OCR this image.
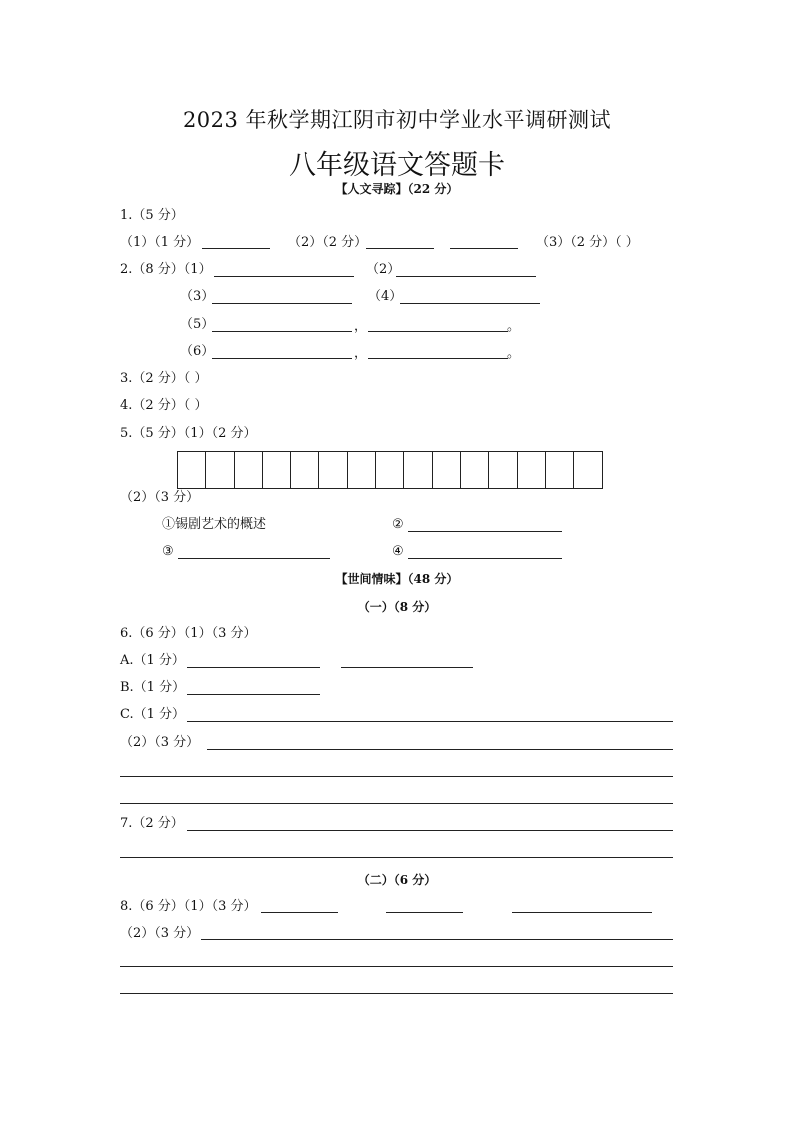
2023 年秋学期江阴市初中学业水平调研测试
八年级语文答题卡
【人文寻踪】（22 分）
1.（5 分）
（1）（1 分）	（2）（2 分）	（3）（2 分）（ ）
2.（8 分）（1）	（2）
（3）	（4）
（5）	，	。
（6）	，	。
3.（2 分）（ ）
4.（2 分）（ ）
5.（5 分）（1）（2 分）
（2）（3 分）
①锡剧艺术的概述	②
③	④
【世间情味】（48 分）
（一）（8 分）
6.（6 分）（1）（3 分）
A.（1 分）
B.（1 分）
C.（1 分）
（2）（3 分）
7.（2 分）
（二）（6 分）
8.（6 分）（1）（3 分）
（2）（3 分）
